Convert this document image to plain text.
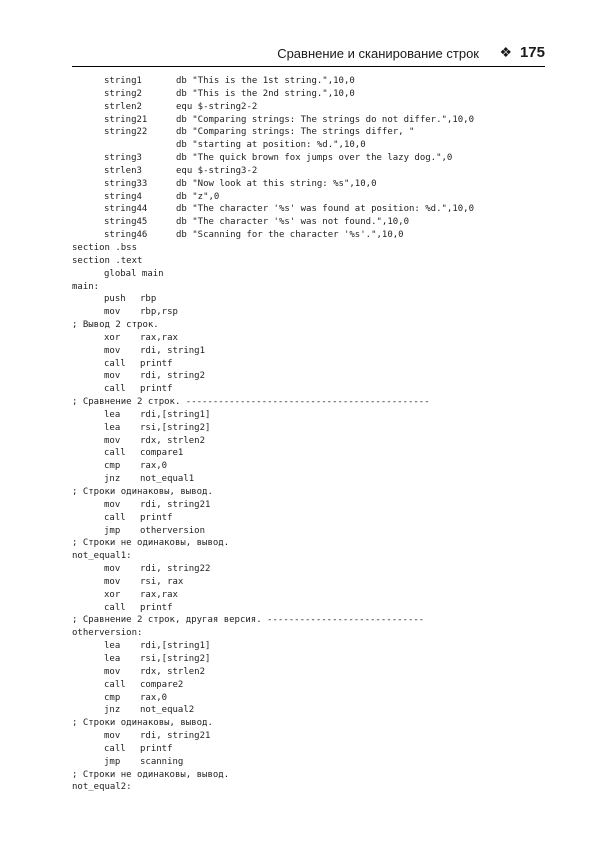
Сравнение и сканирование строк ❖ 175
string1	db "This is the 1st string.",10,0
string2	db "This is the 2nd string.",10,0
strlen2	equ $-string2-2
string21	db "Comparing strings: The strings do not differ.",10,0
string22	db "Comparing strings: The strings differ, "
db "starting at position: %d.",10,0
string3	db "The quick brown fox jumps over the lazy dog.",0
strlen3	equ $-string3-2
string33	db "Now look at this string: %s",10,0
string4	db "z",0
string44	db "The character '%s' was found at position: %d.",10,0
string45	db "The character '%s' was not found.",10,0
string46	db "Scanning for the character '%s'.",10,0
section .bss
section .text
global main
main:
push rbp
mov rbp,rsp
; Вывод 2 строк.
xor rax,rax
mov rdi, string1
call printf
mov rdi, string2
call printf
; Сравнение 2 строк. ---------------------------------------------
lea rdi,[string1]
lea rsi,[string2]
mov rdx, strlen2
call compare1
cmp rax,0
jnz not_equal1
; Строки одинаковы, вывод.
mov rdi, string21
call printf
jmp otherversion
; Строки не одинаковы, вывод.
not_equal1:
mov rdi, string22
mov rsi, rax
xor rax,rax
call printf
; Сравнение 2 строк, другая версия. -----------------------------
otherversion:
lea rdi,[string1]
lea rsi,[string2]
mov rdx, strlen2
call compare2
cmp rax,0
jnz not_equal2
; Строки одинаковы, вывод.
mov rdi, string21
call printf
jmp scanning
; Строки не одинаковы, вывод.
not_equal2:
